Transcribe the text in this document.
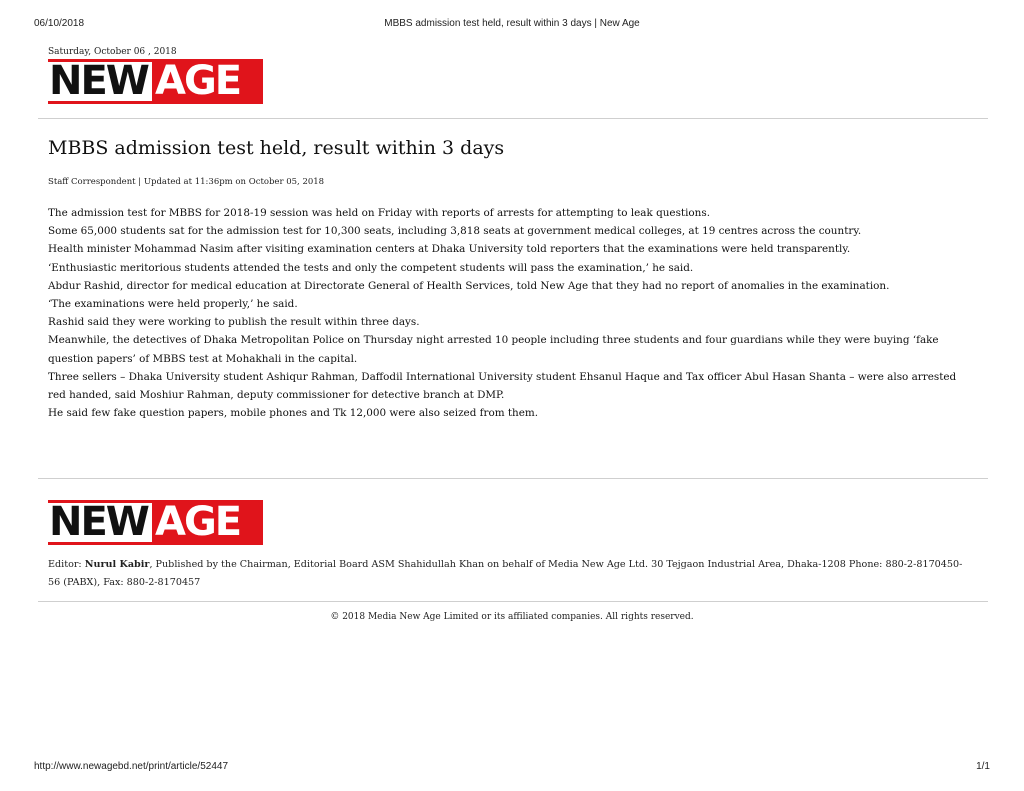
06/10/2018	MBBS admission test held, result within 3 days | New Age
Saturday, October 06 , 2018
NEW AGE
MBBS admission test held, result within 3 days
Staff Correspondent | Updated at 11:36pm on October 05, 2018

The admission test for MBBS for 2018-19 session was held on Friday with reports of arrests for attempting to leak questions.

Some 65,000 students sat for the admission test for 10,300 seats, including 3,818 seats at government medical colleges, at 19 centres across the country.

Health minister Mohammad Nasim after visiting examination centers at Dhaka University told reporters that the examinations were held transparently.

‘Enthusiastic meritorious students attended the tests and only the competent students will pass the examination,’ he said.

Abdur Rashid, director for medical education at Directorate General of Health Services, told New Age that they had no report of anomalies in the examination.

‘The examinations were held properly,’ he said.

Rashid said they were working to publish the result within three days.

Meanwhile, the detectives of Dhaka Metropolitan Police on Thursday night arrested 10 people including three students and four guardians while they were buying ‘fake question papers’ of MBBS test at Mohakhali in the capital.

Three sellers – Dhaka University student Ashiqur Rahman, Daffodil International University student Ehsanul Haque and Tax officer Abul Hasan Shanta – were also arrested red handed, said Moshiur Rahman, deputy commissioner for detective branch at DMP.

He said few fake question papers, mobile phones and Tk 12,000 were also seized from them.

NEW AGE
Editor: Nurul Kabir, Published by the Chairman, Editorial Board ASM Shahidullah Khan on behalf of Media New Age Ltd. 30 Tejgaon Industrial Area, Dhaka-1208 Phone: 880-2-8170450-56 (PABX), Fax: 880-2-8170457
© 2018 Media New Age Limited or its affiliated companies. All rights reserved.
http://www.newagebd.net/print/article/52447	1/1
